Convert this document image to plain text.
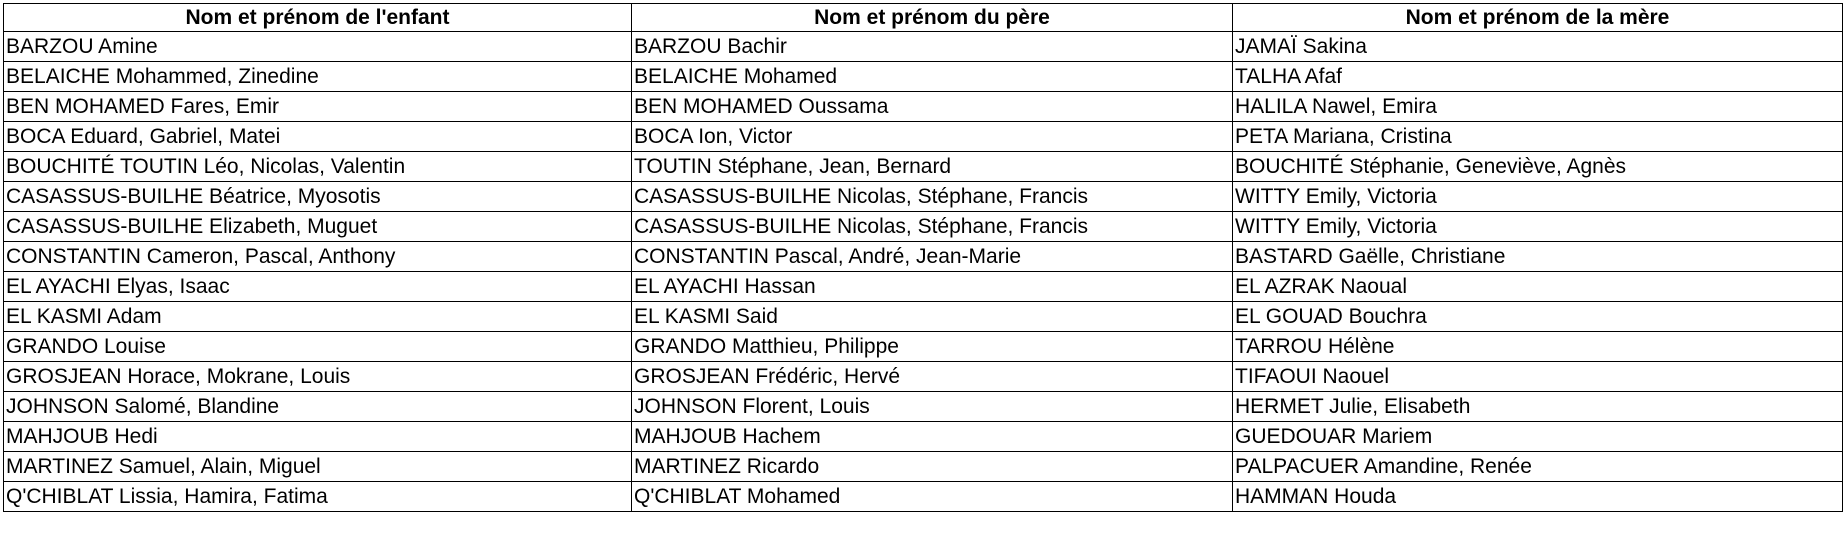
Nom et prénom de l'enfant	Nom et prénom du père	Nom et prénom de la mère
BARZOU Amine	BARZOU Bachir	JAMAÏ Sakina
BELAICHE Mohammed, Zinedine	BELAICHE Mohamed	TALHA Afaf
BEN MOHAMED Fares, Emir	BEN MOHAMED Oussama	HALILA Nawel, Emira
BOCA Eduard, Gabriel, Matei	BOCA Ion, Victor	PETA Mariana, Cristina
BOUCHITÉ TOUTIN Léo, Nicolas, Valentin	TOUTIN Stéphane, Jean, Bernard	BOUCHITÉ Stéphanie, Geneviève, Agnès
CASASSUS-BUILHE Béatrice, Myosotis	CASASSUS-BUILHE Nicolas, Stéphane, Francis	WITTY Emily, Victoria
CASASSUS-BUILHE Elizabeth, Muguet	CASASSUS-BUILHE Nicolas, Stéphane, Francis	WITTY Emily, Victoria
CONSTANTIN Cameron, Pascal, Anthony	CONSTANTIN Pascal, André, Jean-Marie	BASTARD Gaëlle, Christiane
EL AYACHI Elyas, Isaac	EL AYACHI Hassan	EL AZRAK Naoual
EL KASMI Adam	EL KASMI Said	EL GOUAD Bouchra
GRANDO Louise	GRANDO Matthieu, Philippe	TARROU Hélène
GROSJEAN Horace, Mokrane, Louis	GROSJEAN Frédéric, Hervé	TIFAOUI Naouel
JOHNSON Salomé, Blandine	JOHNSON Florent, Louis	HERMET Julie, Elisabeth
MAHJOUB Hedi	MAHJOUB Hachem	GUEDOUAR Mariem
MARTINEZ Samuel, Alain, Miguel	MARTINEZ Ricardo	PALPACUER Amandine, Renée
Q'CHIBLAT Lissia, Hamira, Fatima	Q'CHIBLAT Mohamed	HAMMAN Houda
